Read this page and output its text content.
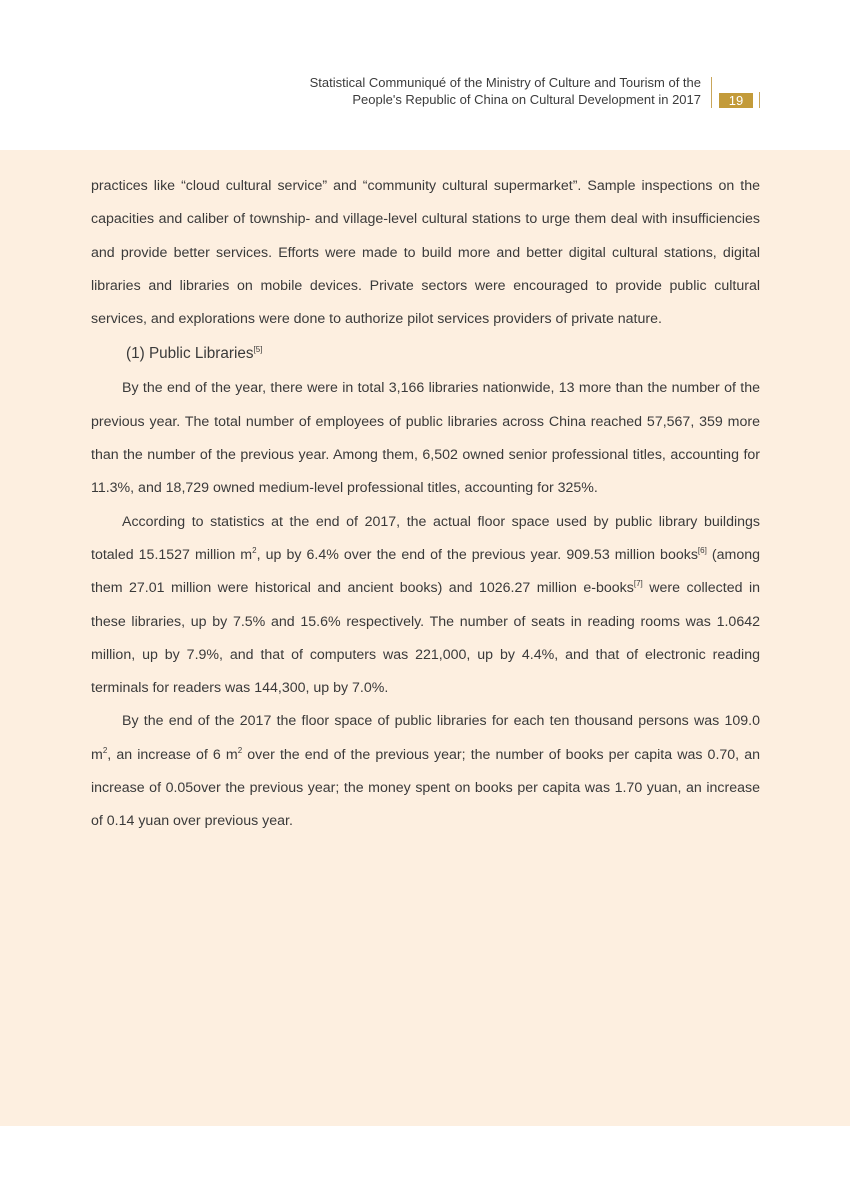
Statistical Communiqué of the Ministry of Culture and Tourism of the
People's Republic of China on Cultural Development in 2017	19

practices like “cloud cultural service” and “community cultural supermarket”. Sample inspections on the capacities and caliber of township- and village-level cultural stations to urge them deal with insufficiencies and provide better services. Efforts were made to build more and better digital cultural stations, digital libraries and libraries on mobile devices. Private sectors were encouraged to provide public cultural services, and explorations were done to authorize pilot services providers of private nature.

(1) Public Libraries[5]

By the end of the year, there were in total 3,166 libraries nationwide, 13 more than the number of the previous year. The total number of employees of public libraries across China reached 57,567, 359 more than the number of the previous year. Among them, 6,502 owned senior professional titles, accounting for 11.3%, and 18,729 owned medium-level professional titles, accounting for 325%.

According to statistics at the end of 2017, the actual floor space used by public library buildings totaled 15.1527 million $m^2$, up by 6.4% over the end of the previous year. 909.53 million books[6] (among them 27.01 million were historical and ancient books) and 1026.27 million e-books[7] were collected in these libraries, up by 7.5% and 15.6% respectively. The number of seats in reading rooms was 1.0642 million, up by 7.9%, and that of computers was 221,000, up by 4.4%, and that of electronic reading terminals for readers was 144,300, up by 7.0%.

By the end of the 2017 the floor space of public libraries for each ten thousand persons was 109.0 $m^2$, an increase of 6 $m^2$ over the end of the previous year; the number of books per capita was 0.70, an increase of 0.05over the previous year; the money spent on books per capita was 1.70 yuan, an increase of 0.14 yuan over previous year.
